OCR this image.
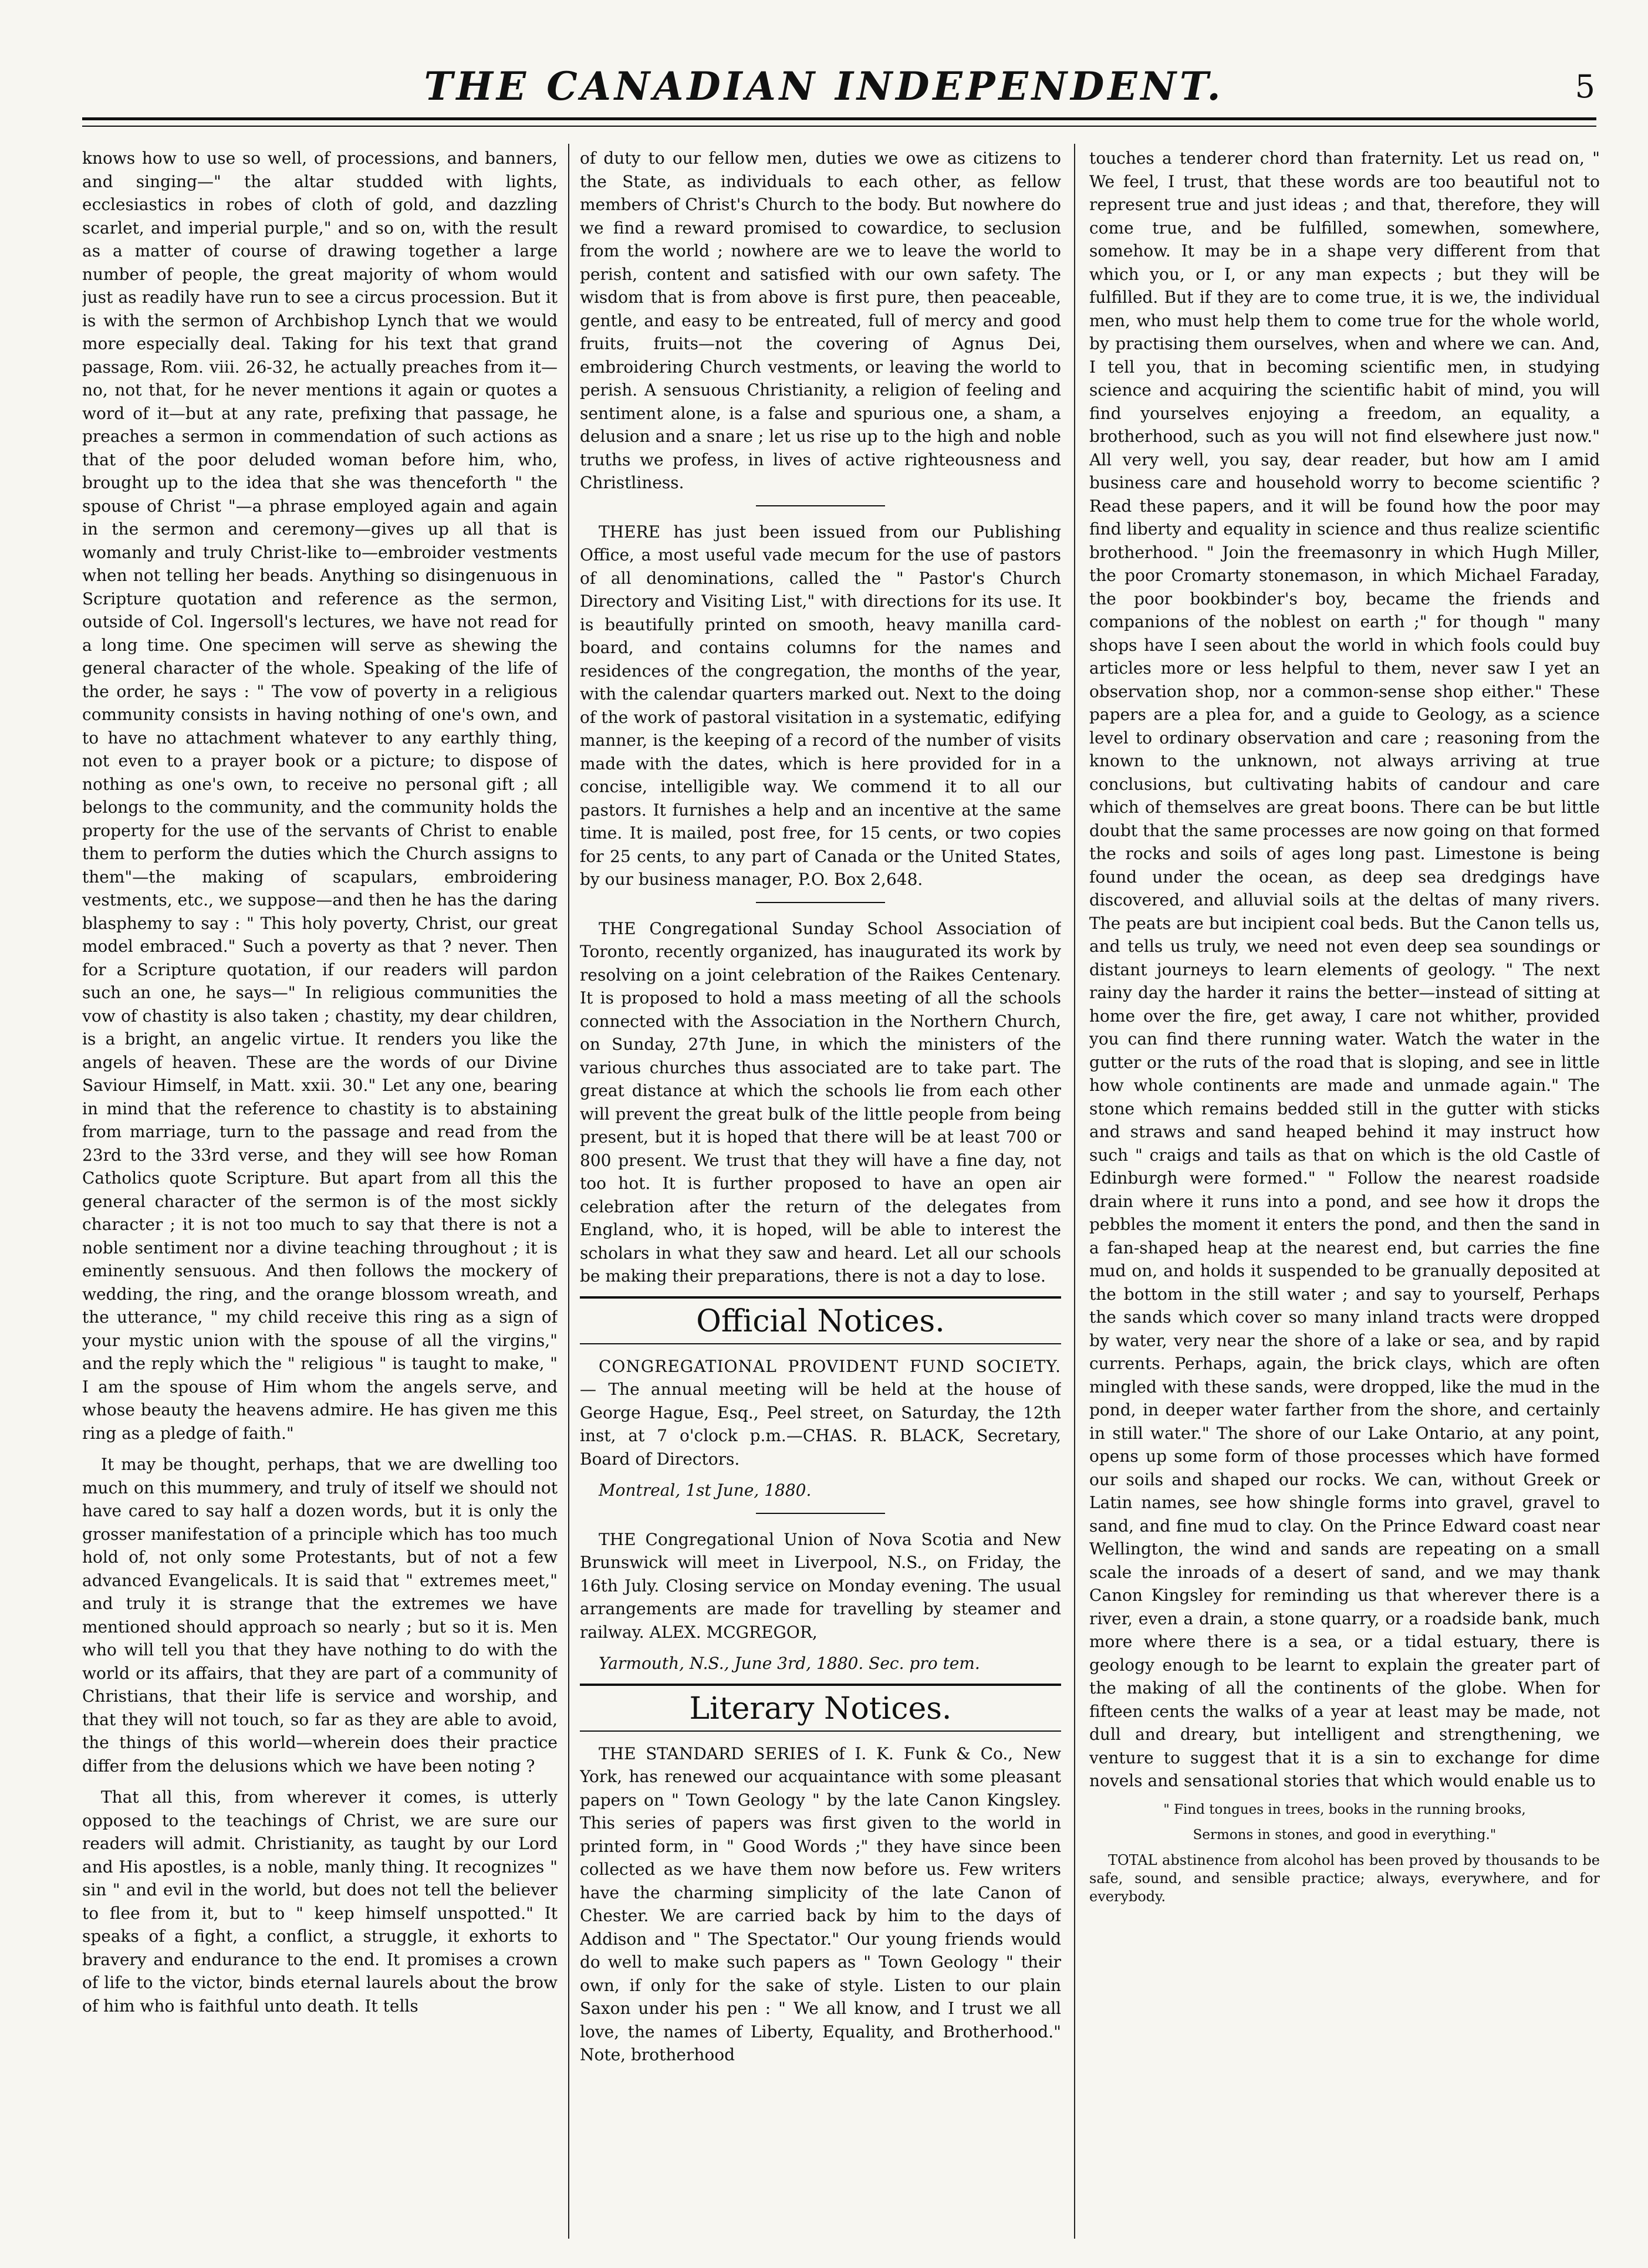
THE CANADIAN INDEPENDENT.	5

knows how to use so well, of processions, and banners, and singing—" the altar studded with lights, ecclesiastics in robes of cloth of gold, and dazzling scarlet, and imperial purple," and so on, with the result as a matter of course of drawing together a large number of people, the great majority of whom would just as readily have run to see a circus procession. But it is with the sermon of Archbishop Lynch that we would more especially deal. Taking for his text that grand passage, Rom. viii. 26-32, he actually preaches from it—no, not that, for he never mentions it again or quotes a word of it—but at any rate, prefixing that passage, he preaches a sermon in commendation of such actions as that of the poor deluded woman before him, who, brought up to the idea that she was thenceforth " the spouse of Christ "—a phrase employed again and again in the sermon and ceremony—gives up all that is womanly and truly Christ-like to—embroider vestments when not telling her beads. Anything so disingenuous in Scripture quotation and reference as the sermon, outside of Col. Ingersoll's lectures, we have not read for a long time. One specimen will serve as shewing the general character of the whole. Speaking of the life of the order, he says : " The vow of poverty in a religious community consists in having nothing of one's own, and to have no attachment whatever to any earthly thing, not even to a prayer book or a picture; to dispose of nothing as one's own, to receive no personal gift ; all belongs to the community, and the community holds the property for the use of the servants of Christ to enable them to perform the duties which the Church assigns to them"—the making of scapulars, embroidering vestments, etc., we suppose—and then he has the daring blasphemy to say : " This holy poverty, Christ, our great model embraced." Such a poverty as that ? never. Then for a Scripture quotation, if our readers will pardon such an one, he says—" In religious communities the vow of chastity is also taken ; chastity, my dear children, is a bright, an angelic virtue. It renders you like the angels of heaven. These are the words of our Divine Saviour Himself, in Matt. xxii. 30." Let any one, bearing in mind that the reference to chastity is to abstaining from marriage, turn to the passage and read from the 23rd to the 33rd verse, and they will see how Roman Catholics quote Scripture. But apart from all this the general character of the sermon is of the most sickly character ; it is not too much to say that there is not a noble sentiment nor a divine teaching throughout ; it is eminently sensuous. And then follows the mockery of wedding, the ring, and the orange blossom wreath, and the utterance, " my child receive this ring as a sign of your mystic union with the spouse of all the virgins," and the reply which the " religious " is taught to make, " I am the spouse of Him whom the angels serve, and whose beauty the heavens admire. He has given me this ring as a pledge of faith."

It may be thought, perhaps, that we are dwelling too much on this mummery, and truly of itself we should not have cared to say half a dozen words, but it is only the grosser manifestation of a principle which has too much hold of, not only some Protestants, but of not a few advanced Evangelicals. It is said that " extremes meet," and truly it is strange that the extremes we have mentioned should approach so nearly ; but so it is. Men who will tell you that they have nothing to do with the world or its affairs, that they are part of a community of Christians, that their life is service and worship, and that they will not touch, so far as they are able to avoid, the things of this world—wherein does their practice differ from the delusions which we have been noting ?

That all this, from wherever it comes, is utterly opposed to the teachings of Christ, we are sure our readers will admit. Christianity, as taught by our Lord and His apostles, is a noble, manly thing. It recognizes " sin " and evil in the world, but does not tell the believer to flee from it, but to " keep himself unspotted." It speaks of a fight, a conflict, a struggle, it exhorts to bravery and endurance to the end. It promises a crown of life to the victor, binds eternal laurels about the brow of him who is faithful unto death. It tells

of duty to our fellow men, duties we owe as citizens to the State, as individuals to each other, as fellow members of Christ's Church to the body. But nowhere do we find a reward promised to cowardice, to seclusion from the world ; nowhere are we to leave the world to perish, content and satisfied with our own safety. The wisdom that is from above is first pure, then peaceable, gentle, and easy to be entreated, full of mercy and good fruits, fruits—not the covering of Agnus Dei, embroidering Church vestments, or leaving the world to perish. A sensuous Christianity, a religion of feeling and sentiment alone, is a false and spurious one, a sham, a delusion and a snare ; let us rise up to the high and noble truths we profess, in lives of active righteousness and Christliness.

THERE has just been issued from our Publishing Office, a most useful vade mecum for the use of pastors of all denominations, called the " Pastor's Church Directory and Visiting List," with directions for its use. It is beautifully printed on smooth, heavy manilla card-board, and contains columns for the names and residences of the congregation, the months of the year, with the calendar quarters marked out. Next to the doing of the work of pastoral visitation in a systematic, edifying manner, is the keeping of a record of the number of visits made with the dates, which is here provided for in a concise, intelligible way. We commend it to all our pastors. It furnishes a help and an incentive at the same time. It is mailed, post free, for 15 cents, or two copies for 25 cents, to any part of Canada or the United States, by our business manager, P.O. Box 2,648.

THE Congregational Sunday School Association of Toronto, recently organized, has inaugurated its work by resolving on a joint celebration of the Raikes Centenary. It is proposed to hold a mass meeting of all the schools connected with the Association in the Northern Church, on Sunday, 27th June, in which the ministers of the various churches thus associated are to take part. The great distance at which the schools lie from each other will prevent the great bulk of the little people from being present, but it is hoped that there will be at least 700 or 800 present. We trust that they will have a fine day, not too hot. It is further proposed to have an open air celebration after the return of the delegates from England, who, it is hoped, will be able to interest the scholars in what they saw and heard. Let all our schools be making their preparations, there is not a day to lose.

Official Notices.

CONGREGATIONAL PROVIDENT FUND SOCIETY.— The annual meeting will be held at the house of George Hague, Esq., Peel street, on Saturday, the 12th inst, at 7 o'clock p.m.—CHAS. R. BLACK, Secretary, Board of Directors.

Montreal, 1st June, 1880.

THE Congregational Union of Nova Scotia and New Brunswick will meet in Liverpool, N.S., on Friday, the 16th July. Closing service on Monday evening. The usual arrangements are made for travelling by steamer and railway. ALEX. MCGREGOR,

Yarmouth, N.S., June 3rd, 1880. Sec. pro tem.

Literary Notices.

THE STANDARD SERIES of I. K. Funk & Co., New York, has renewed our acquaintance with some pleasant papers on " Town Geology " by the late Canon Kingsley. This series of papers was first given to the world in printed form, in " Good Words ;" they have since been collected as we have them now before us. Few writers have the charming simplicity of the late Canon of Chester. We are carried back by him to the days of Addison and " The Spectator." Our young friends would do well to make such papers as " Town Geology " their own, if only for the sake of style. Listen to our plain Saxon under his pen : " We all know, and I trust we all love, the names of Liberty, Equality, and Brotherhood." Note, brotherhood

touches a tenderer chord than fraternity. Let us read on, " We feel, I trust, that these words are too beautiful not to represent true and just ideas ; and that, therefore, they will come true, and be fulfilled, somewhen, somewhere, somehow. It may be in a shape very different from that which you, or I, or any man expects ; but they will be fulfilled. But if they are to come true, it is we, the individual men, who must help them to come true for the whole world, by practising them ourselves, when and where we can. And, I tell you, that in becoming scientific men, in studying science and acquiring the scientific habit of mind, you will find yourselves enjoying a freedom, an equality, a brotherhood, such as you will not find elsewhere just now." All very well, you say, dear reader, but how am I amid business care and household worry to become scientific ? Read these papers, and it will be found how the poor may find liberty and equality in science and thus realize scientific brotherhood. " Join the freemasonry in which Hugh Miller, the poor Cromarty stonemason, in which Michael Faraday, the poor bookbinder's boy, became the friends and companions of the noblest on earth ;" for though " many shops have I seen about the world in which fools could buy articles more or less helpful to them, never saw I yet an observation shop, nor a common-sense shop either." These papers are a plea for, and a guide to Geology, as a science level to ordinary observation and care ; reasoning from the known to the unknown, not always arriving at true conclusions, but cultivating habits of candour and care which of themselves are great boons. There can be but little doubt that the same processes are now going on that formed the rocks and soils of ages long past. Limestone is being found under the ocean, as deep sea dredgings have discovered, and alluvial soils at the deltas of many rivers. The peats are but incipient coal beds. But the Canon tells us, and tells us truly, we need not even deep sea soundings or distant journeys to learn elements of geology. " The next rainy day the harder it rains the better—instead of sitting at home over the fire, get away, I care not whither, provided you can find there running water. Watch the water in the gutter or the ruts of the road that is sloping, and see in little how whole continents are made and unmade again." The stone which remains bedded still in the gutter with sticks and straws and sand heaped behind it may instruct how such " craigs and tails as that on which is the old Castle of Edinburgh were formed." " Follow the nearest roadside drain where it runs into a pond, and see how it drops the pebbles the moment it enters the pond, and then the sand in a fan-shaped heap at the nearest end, but carries the fine mud on, and holds it suspended to be granually deposited at the bottom in the still water ; and say to yourself, Perhaps the sands which cover so many inland tracts were dropped by water, very near the shore of a lake or sea, and by rapid currents. Perhaps, again, the brick clays, which are often mingled with these sands, were dropped, like the mud in the pond, in deeper water farther from the shore, and certainly in still water." The shore of our Lake Ontario, at any point, opens up some form of those processes which have formed our soils and shaped our rocks. We can, without Greek or Latin names, see how shingle forms into gravel, gravel to sand, and fine mud to clay. On the Prince Edward coast near Wellington, the wind and sands are repeating on a small scale the inroads of a desert of sand, and we may thank Canon Kingsley for reminding us that wherever there is a river, even a drain, a stone quarry, or a roadside bank, much more where there is a sea, or a tidal estuary, there is geology enough to be learnt to explain the greater part of the making of all the continents of the globe. When for fifteen cents the walks of a year at least may be made, not dull and dreary, but intelligent and strengthening, we venture to suggest that it is a sin to exchange for dime novels and sensational stories that which would enable us to

" Find tongues in trees, books in the running brooks,

Sermons in stones, and good in everything."

TOTAL abstinence from alcohol has been proved by thousands to be safe, sound, and sensible practice; always, everywhere, and for everybody.
